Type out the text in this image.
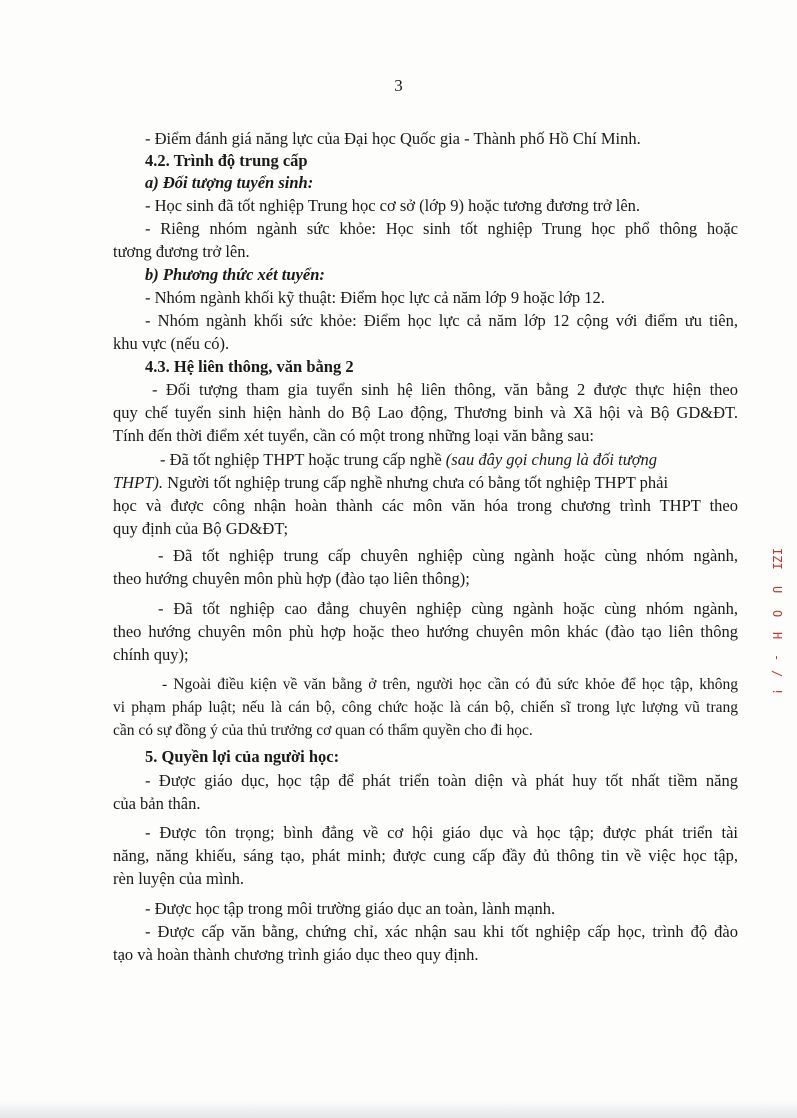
3
- Điểm đánh giá năng lực của Đại học Quốc gia - Thành phố Hồ Chí Minh.
4.2. Trình độ trung cấp
a) Đối tượng tuyển sinh:
- Học sinh đã tốt nghiệp Trung học cơ sở (lớp 9) hoặc tương đương trở lên.
- Riêng nhóm ngành sức khỏe: Học sinh tốt nghiệp Trung học phổ thông hoặc
tương đương trở lên.
b) Phương thức xét tuyển:
- Nhóm ngành khối kỹ thuật: Điểm học lực cả năm lớp 9 hoặc lớp 12.
- Nhóm ngành khối sức khỏe: Điểm học lực cả năm lớp 12 cộng với điểm ưu tiên,
khu vực (nếu có).
4.3. Hệ liên thông, văn bằng 2
- Đối tượng tham gia tuyển sinh hệ liên thông, văn bằng 2 được thực hiện theo
quy chế tuyển sinh hiện hành do Bộ Lao động, Thương binh và Xã hội và Bộ GD&ĐT.
Tính đến thời điểm xét tuyển, cần có một trong những loại văn bằng sau:
- Đã tốt nghiệp THPT hoặc trung cấp nghề (sau đây gọi chung là đối tượng
THPT). Người tốt nghiệp trung cấp nghề nhưng chưa có bằng tốt nghiệp THPT phải
học và được công nhận hoàn thành các môn văn hóa trong chương trình THPT theo
quy định của Bộ GD&ĐT;
- Đã tốt nghiệp trung cấp chuyên nghiệp cùng ngành hoặc cùng nhóm ngành,
theo hướng chuyên môn phù hợp (đào tạo liên thông);
- Đã tốt nghiệp cao đẳng chuyên nghiệp cùng ngành hoặc cùng nhóm ngành,
theo hướng chuyên môn phù hợp hoặc theo hướng chuyên môn khác (đào tạo liên thông
chính quy);
- Ngoài điều kiện về văn bằng ở trên, người học cần có đủ sức khỏe để học tập, không
vi phạm pháp luật; nếu là cán bộ, công chức hoặc là cán bộ, chiến sĩ trong lực lượng vũ trang
cần có sự đồng ý của thủ trưởng cơ quan có thẩm quyền cho đi học.
5. Quyền lợi của người học:
- Được giáo dục, học tập để phát triển toàn diện và phát huy tốt nhất tiềm năng
của bản thân.
- Được tôn trọng; bình đẳng về cơ hội giáo dục và học tập; được phát triển tài
năng, năng khiếu, sáng tạo, phát minh; được cung cấp đầy đủ thông tin về việc học tập,
rèn luyện của mình.
- Được học tập trong môi trường giáo dục an toàn, lành mạnh.
- Được cấp văn bằng, chứng chỉ, xác nhận sau khi tốt nghiệp cấp học, trình độ đào
tạo và hoàn thành chương trình giáo dục theo quy định.
IZI
U
O
H
-
/
!
